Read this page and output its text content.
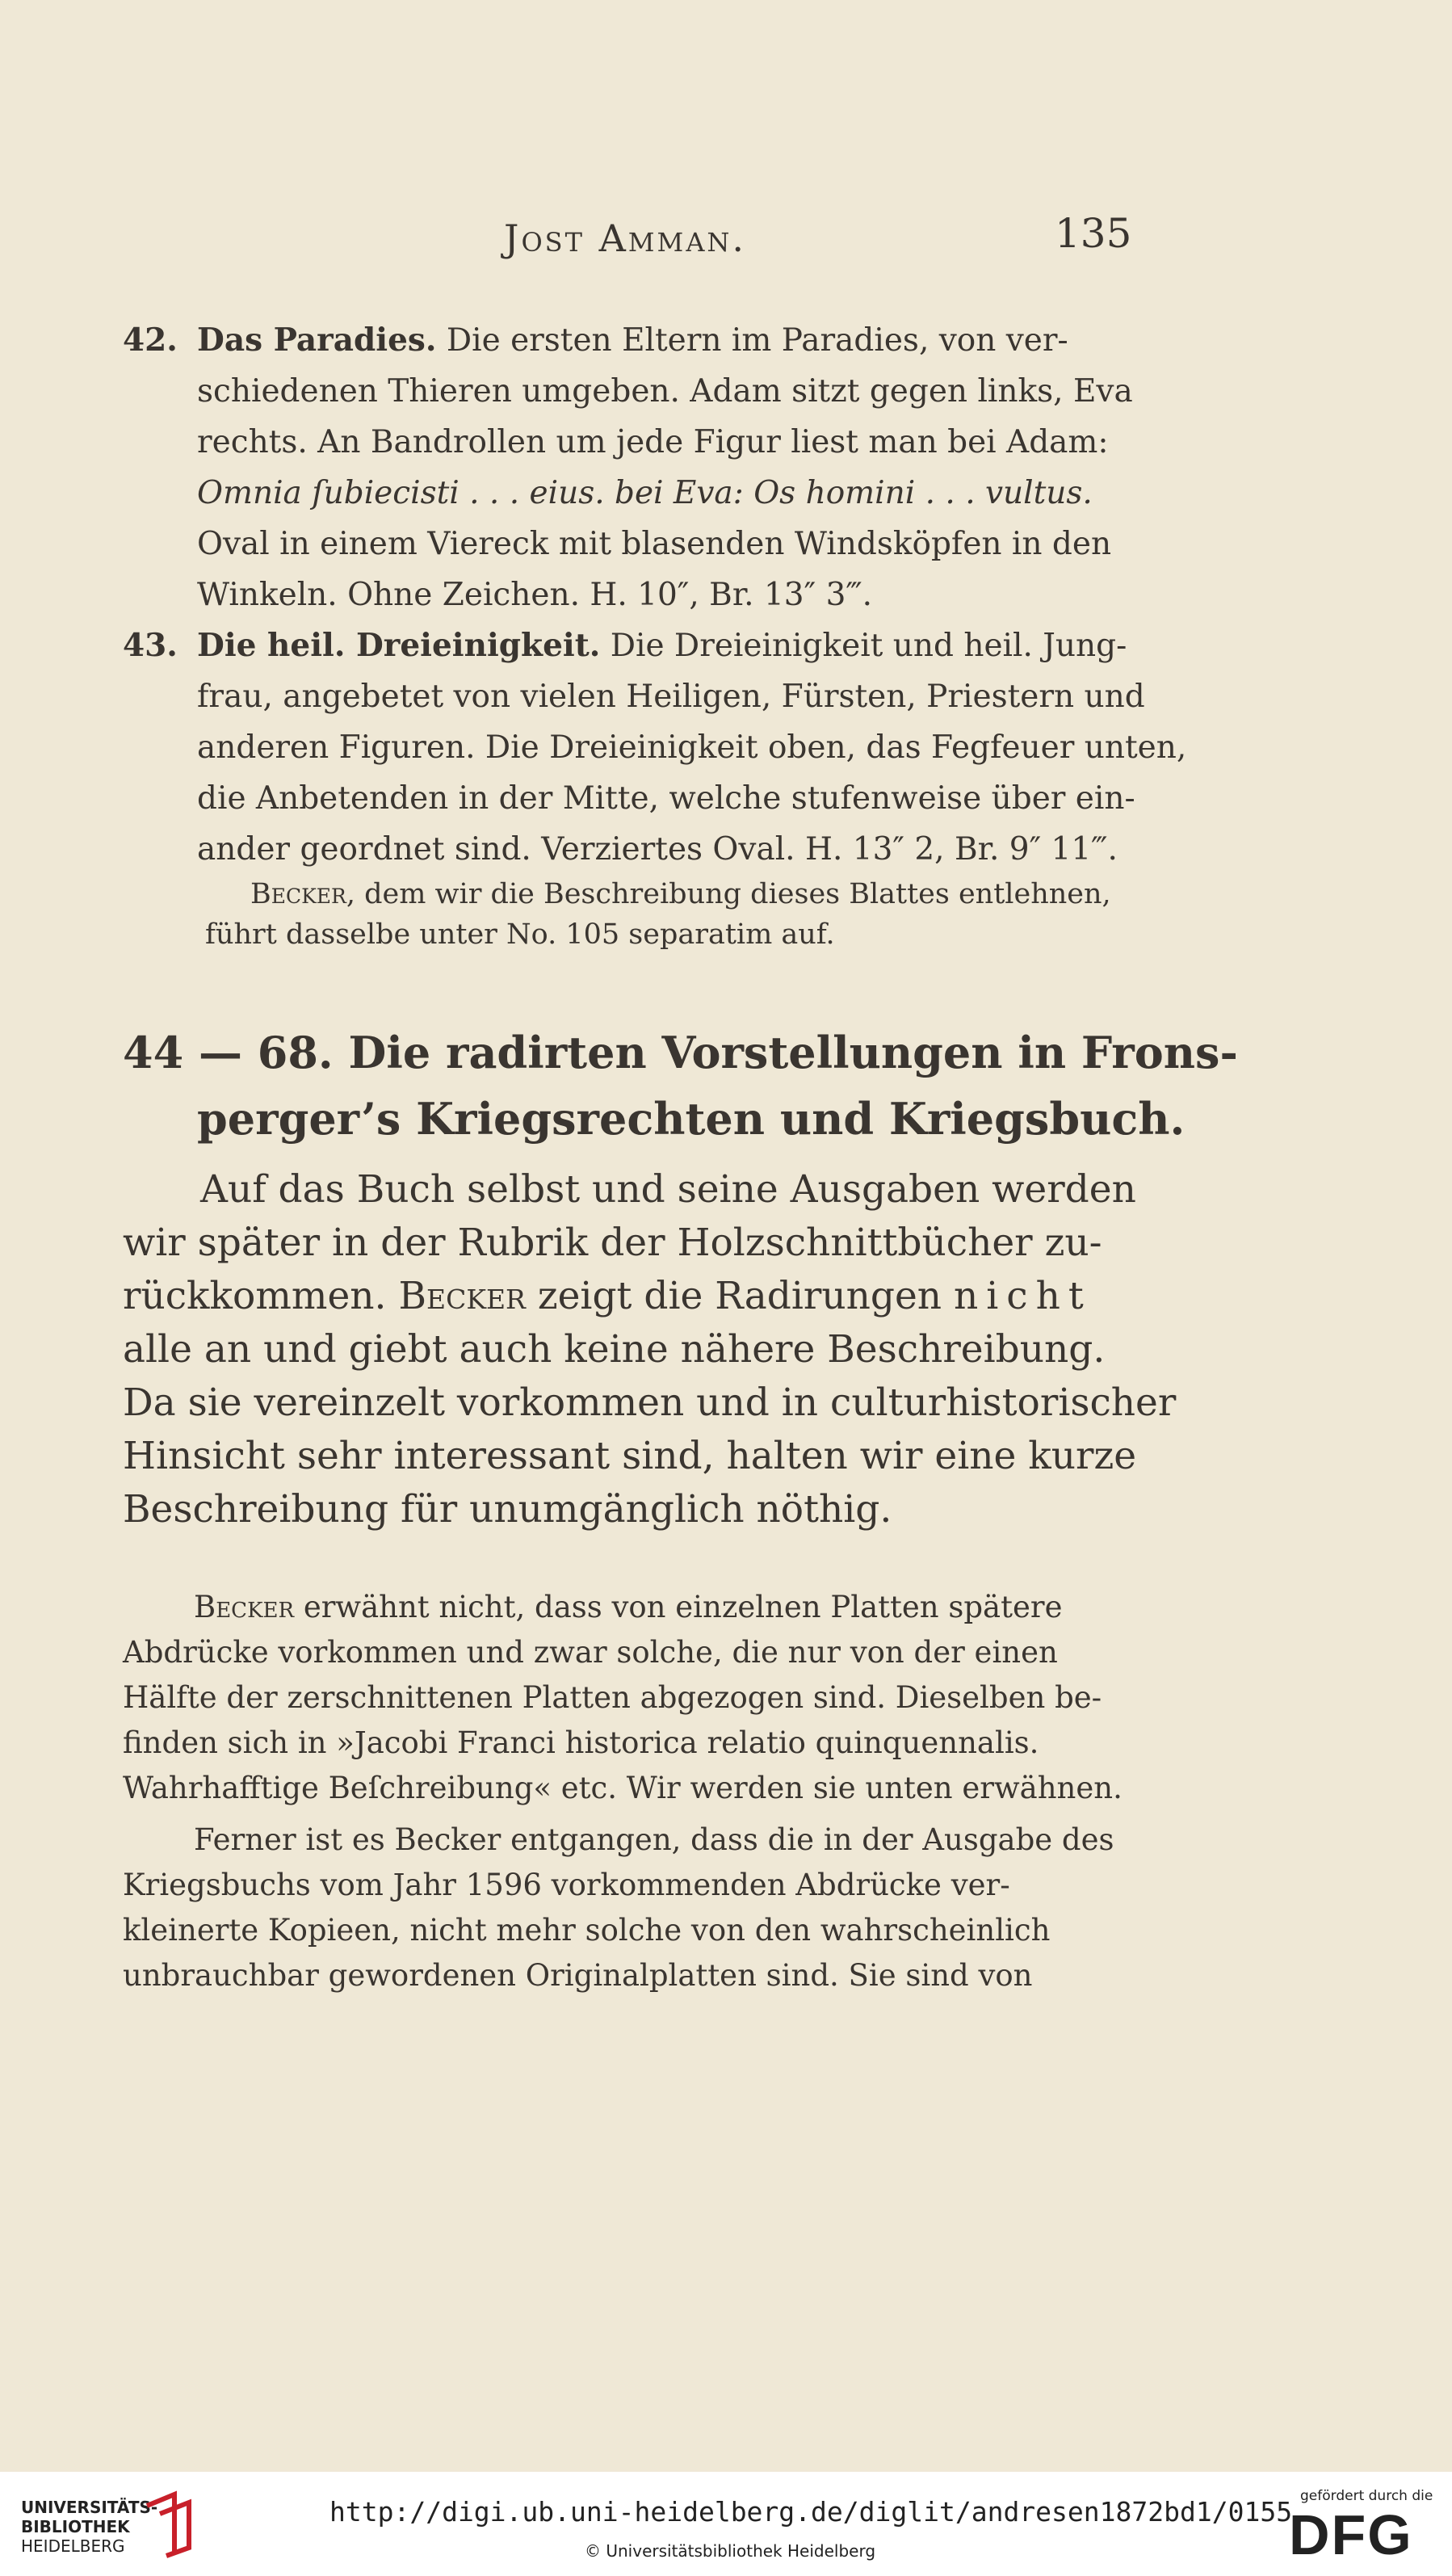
Jost Amman.	135
42. Das Paradies. Die ersten Eltern im Paradies, von ver-
schiedenen Thieren umgeben. Adam sitzt gegen links, Eva
rechts. An Bandrollen um jede Figur liest man bei Adam:
Omnia ſubiecisti . . . eius. bei Eva: Os homini . . . vultus.
Oval in einem Viereck mit blasenden Windsköpfen in den
Winkeln. Ohne Zeichen. H. 10″, Br. 13″ 3‴.
43. Die heil. Dreieinigkeit. Die Dreieinigkeit und heil. Jung-
frau, angebetet von vielen Heiligen, Fürsten, Priestern und
anderen Figuren. Die Dreieinigkeit oben, das Fegfeuer unten,
die Anbetenden in der Mitte, welche stufenweise über ein-
ander geordnet sind. Verziertes Oval. H. 13″ 2, Br. 9″ 11‴.
Becker, dem wir die Beschreibung dieses Blattes entlehnen,
führt dasselbe unter No. 105 separatim auf.
44 — 68. Die radirten Vorstellungen in Frons-
perger’s Kriegsrechten und Kriegsbuch.
Auf das Buch selbst und seine Ausgaben werden
wir später in der Rubrik der Holzschnittbücher zu-
rückkommen. Becker zeigt die Radirungen nicht
alle an und giebt auch keine nähere Beschreibung.
Da sie vereinzelt vorkommen und in culturhistorischer
Hinsicht sehr interessant sind, halten wir eine kurze
Beschreibung für unumgänglich nöthig.
Becker erwähnt nicht, dass von einzelnen Platten spätere
Abdrücke vorkommen und zwar solche, die nur von der einen
Hälfte der zerschnittenen Platten abgezogen sind. Dieselben be-
finden sich in »Jacobi Franci historica relatio quinquennalis.
Wahrhafftige Beſchreibung« etc. Wir werden sie unten erwähnen.
Ferner ist es Becker entgangen, dass die in der Ausgabe des
Kriegsbuchs vom Jahr 1596 vorkommenden Abdrücke ver-
kleinerte Kopieen, nicht mehr solche von den wahrscheinlich
unbrauchbar gewordenen Originalplatten sind. Sie sind von
UNIVERSITÄTS-
BIBLIOTHEK
HEIDELBERG
http://digi.ub.uni-heidelberg.de/diglit/andresen1872bd1/0155
© Universitätsbibliothek Heidelberg
gefördert durch die
DFG
